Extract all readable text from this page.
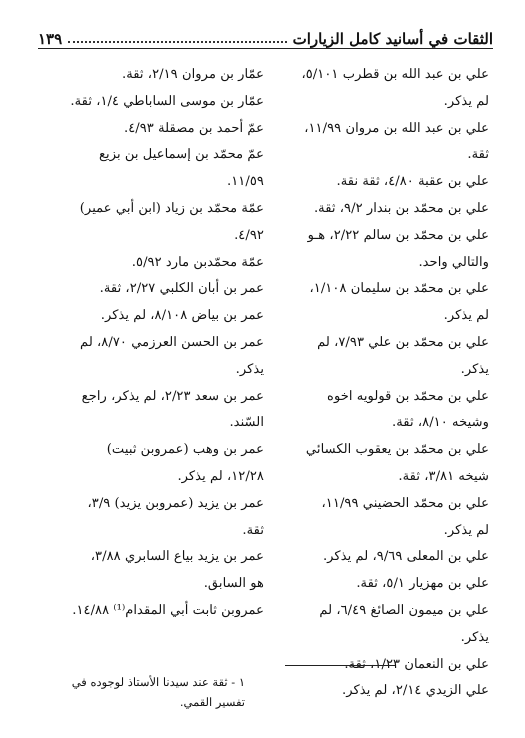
الثقات في أسانيد كامل الزيارات
١٣٩

علي بن عبد الله بن قطرب ٥/١٠١،

لم يذكر.

علي بن عبد الله بن مروان ١١/٩٩،

ثقة.

علي بن عقبة ٤/٨٠، ثقة نقة.

علي بن محمّد بن بندار ٩/٢، ثقة.

علي بن محمّد بن سالم ٢/٢٢، هـو

والتالي واحد.

علي بن محمّد بن سليمان ١/١٠٨،

لم يذكر.

علي بن محمّد بن علي ٧/٩٣، لم

يذكر.

علي بن محمّد بن قولويه اخوه

وشيخه ٨/١٠، ثقة.

علي بن محمّد بن يعقوب الكسائي

شيخه ٣/٨١، ثقة.

علي بن محمّد الحضيني ١١/٩٩،

لم يذكر.

علي بن المعلى ٩/٦٩، لم يذكر.

علي بن مهزيار ٥/١، ثقة.

علي بن ميمون الصائغ ٦/٤٩، لم

يذكر.

علي بن النعمان ١/٢٣، ثقة.

علي الزيدي ٢/١٤، لم يذكر.

عمّار بن مروان ٢/١٩، ثقة.

عمّار بن موسى الساباطي ١/٤، ثقة.

عمّ أحمد بن مصقلة ٤/٩٣.

عمّ محمّد بن إسماعيل بن بزيع

١١/٥٩.

عمّة محمّد بن زياد (ابن أبي عمير)

٤/٩٢.

عمّة محمّدبن مارد ٥/٩٢.

عمر بن أبان الكلبي ٢/٢٧، ثقة.

عمر بن بياض ٨/١٠٨، لم يذكر.

عمر بن الحسن العرزمي ٨/٧٠، لم

يذكر.

عمر بن سعد ٢/٢٣، لم يذكر، راجع

السّند.

عمر بن وهب (عمروبن ثبيت)

١٢/٢٨، لم يذكر.

عمر بن يزيد (عمروبن يزيد) ٣/٩،

ثقة.

عمر بن يزيد بياع السابري ٣/٨٨،

هو السابق.

عمروبن ثابت أبي المقدام⁽¹⁾ ١٤/٨٨.

١ - ثقة عند سيدنا الأستاذ لوجوده في تفسير القمي.
